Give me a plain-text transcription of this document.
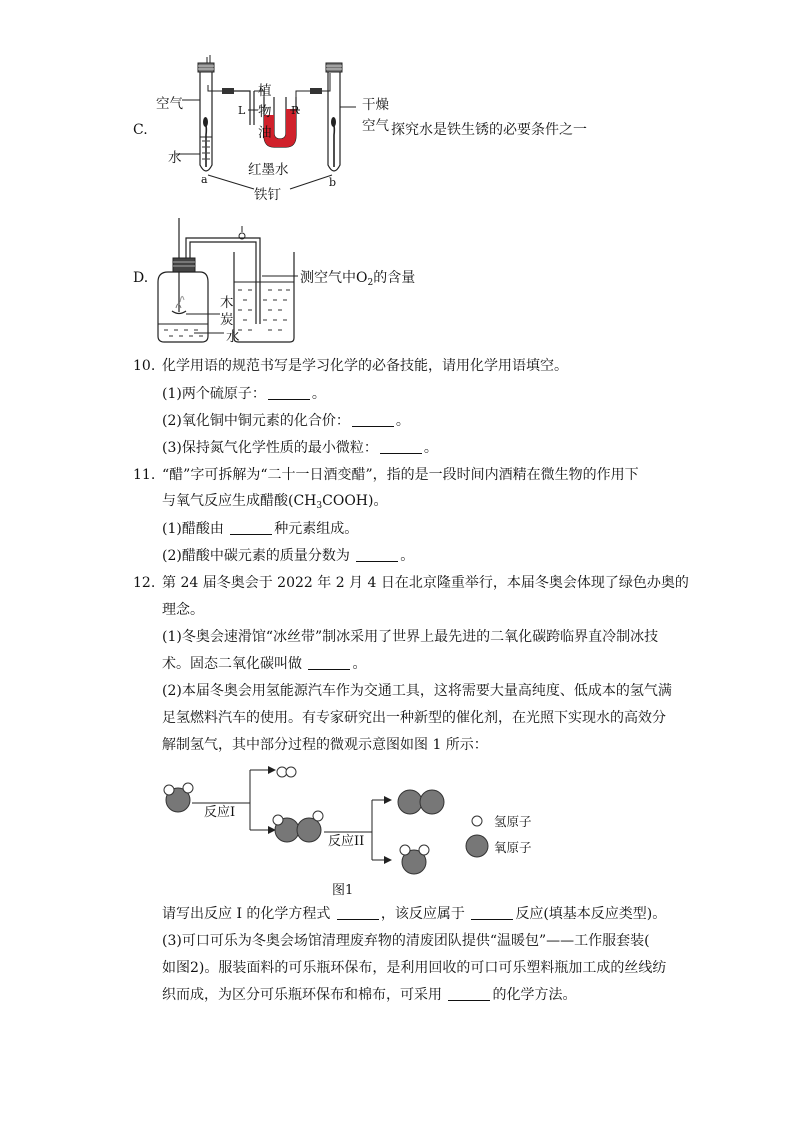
C.
空气
水
a	b
L	R
植
物
油
红墨水
干燥
空气
铁钉
探究水是铁生锈的必要条件之一
D.
木
炭
水
测空气中$O_2$的含量
10. 化学用语的规范书写是学习化学的必备技能，请用化学用语填空。
(1)两个硫原子：	。
(2)氧化铜中铜元素的化合价：	。
(3)保持氮气化学性质的最小微粒：	。
11. “醋”字可拆解为“二十一日酒变醋”，指的是一段时间内酒精在微生物的作用下
与氧气反应生成醋酸$(CH_3COOH)$。
(1)醋酸由	种元素组成。
(2)醋酸中碳元素的质量分数为	。
12. 第 24 届冬奥会于 2022 年 2 月 4 日在北京隆重举行，本届冬奥会体现了绿色办奥的
理念。
(1)冬奥会速滑馆“冰丝带”制冰采用了世界上最先进的二氧化碳跨临界直冷制冰技
术。固态二氧化碳叫做	。
(2)本届冬奥会用氢能源汽车作为交通工具，这将需要大量高纯度、低成本的氢气满
足氢燃料汽车的使用。有专家研究出一种新型的催化剂，在光照下实现水的高效分
解制氢气，其中部分过程的微观示意图如图 1 所示：
反应I
反应II
氢原子
氧原子
图1
请写出反应 I 的化学方程式	，该反应属于	反应(填基本反应类型)。
(3)可口可乐为冬奥会场馆清理废弃物的清废团队提供“温暖包”——工作服套装(
如图2)。服装面料的可乐瓶环保布，是利用回收的可口可乐塑料瓶加工成的丝线纺
织而成，为区分可乐瓶环保布和棉布，可采用	的化学方法。
